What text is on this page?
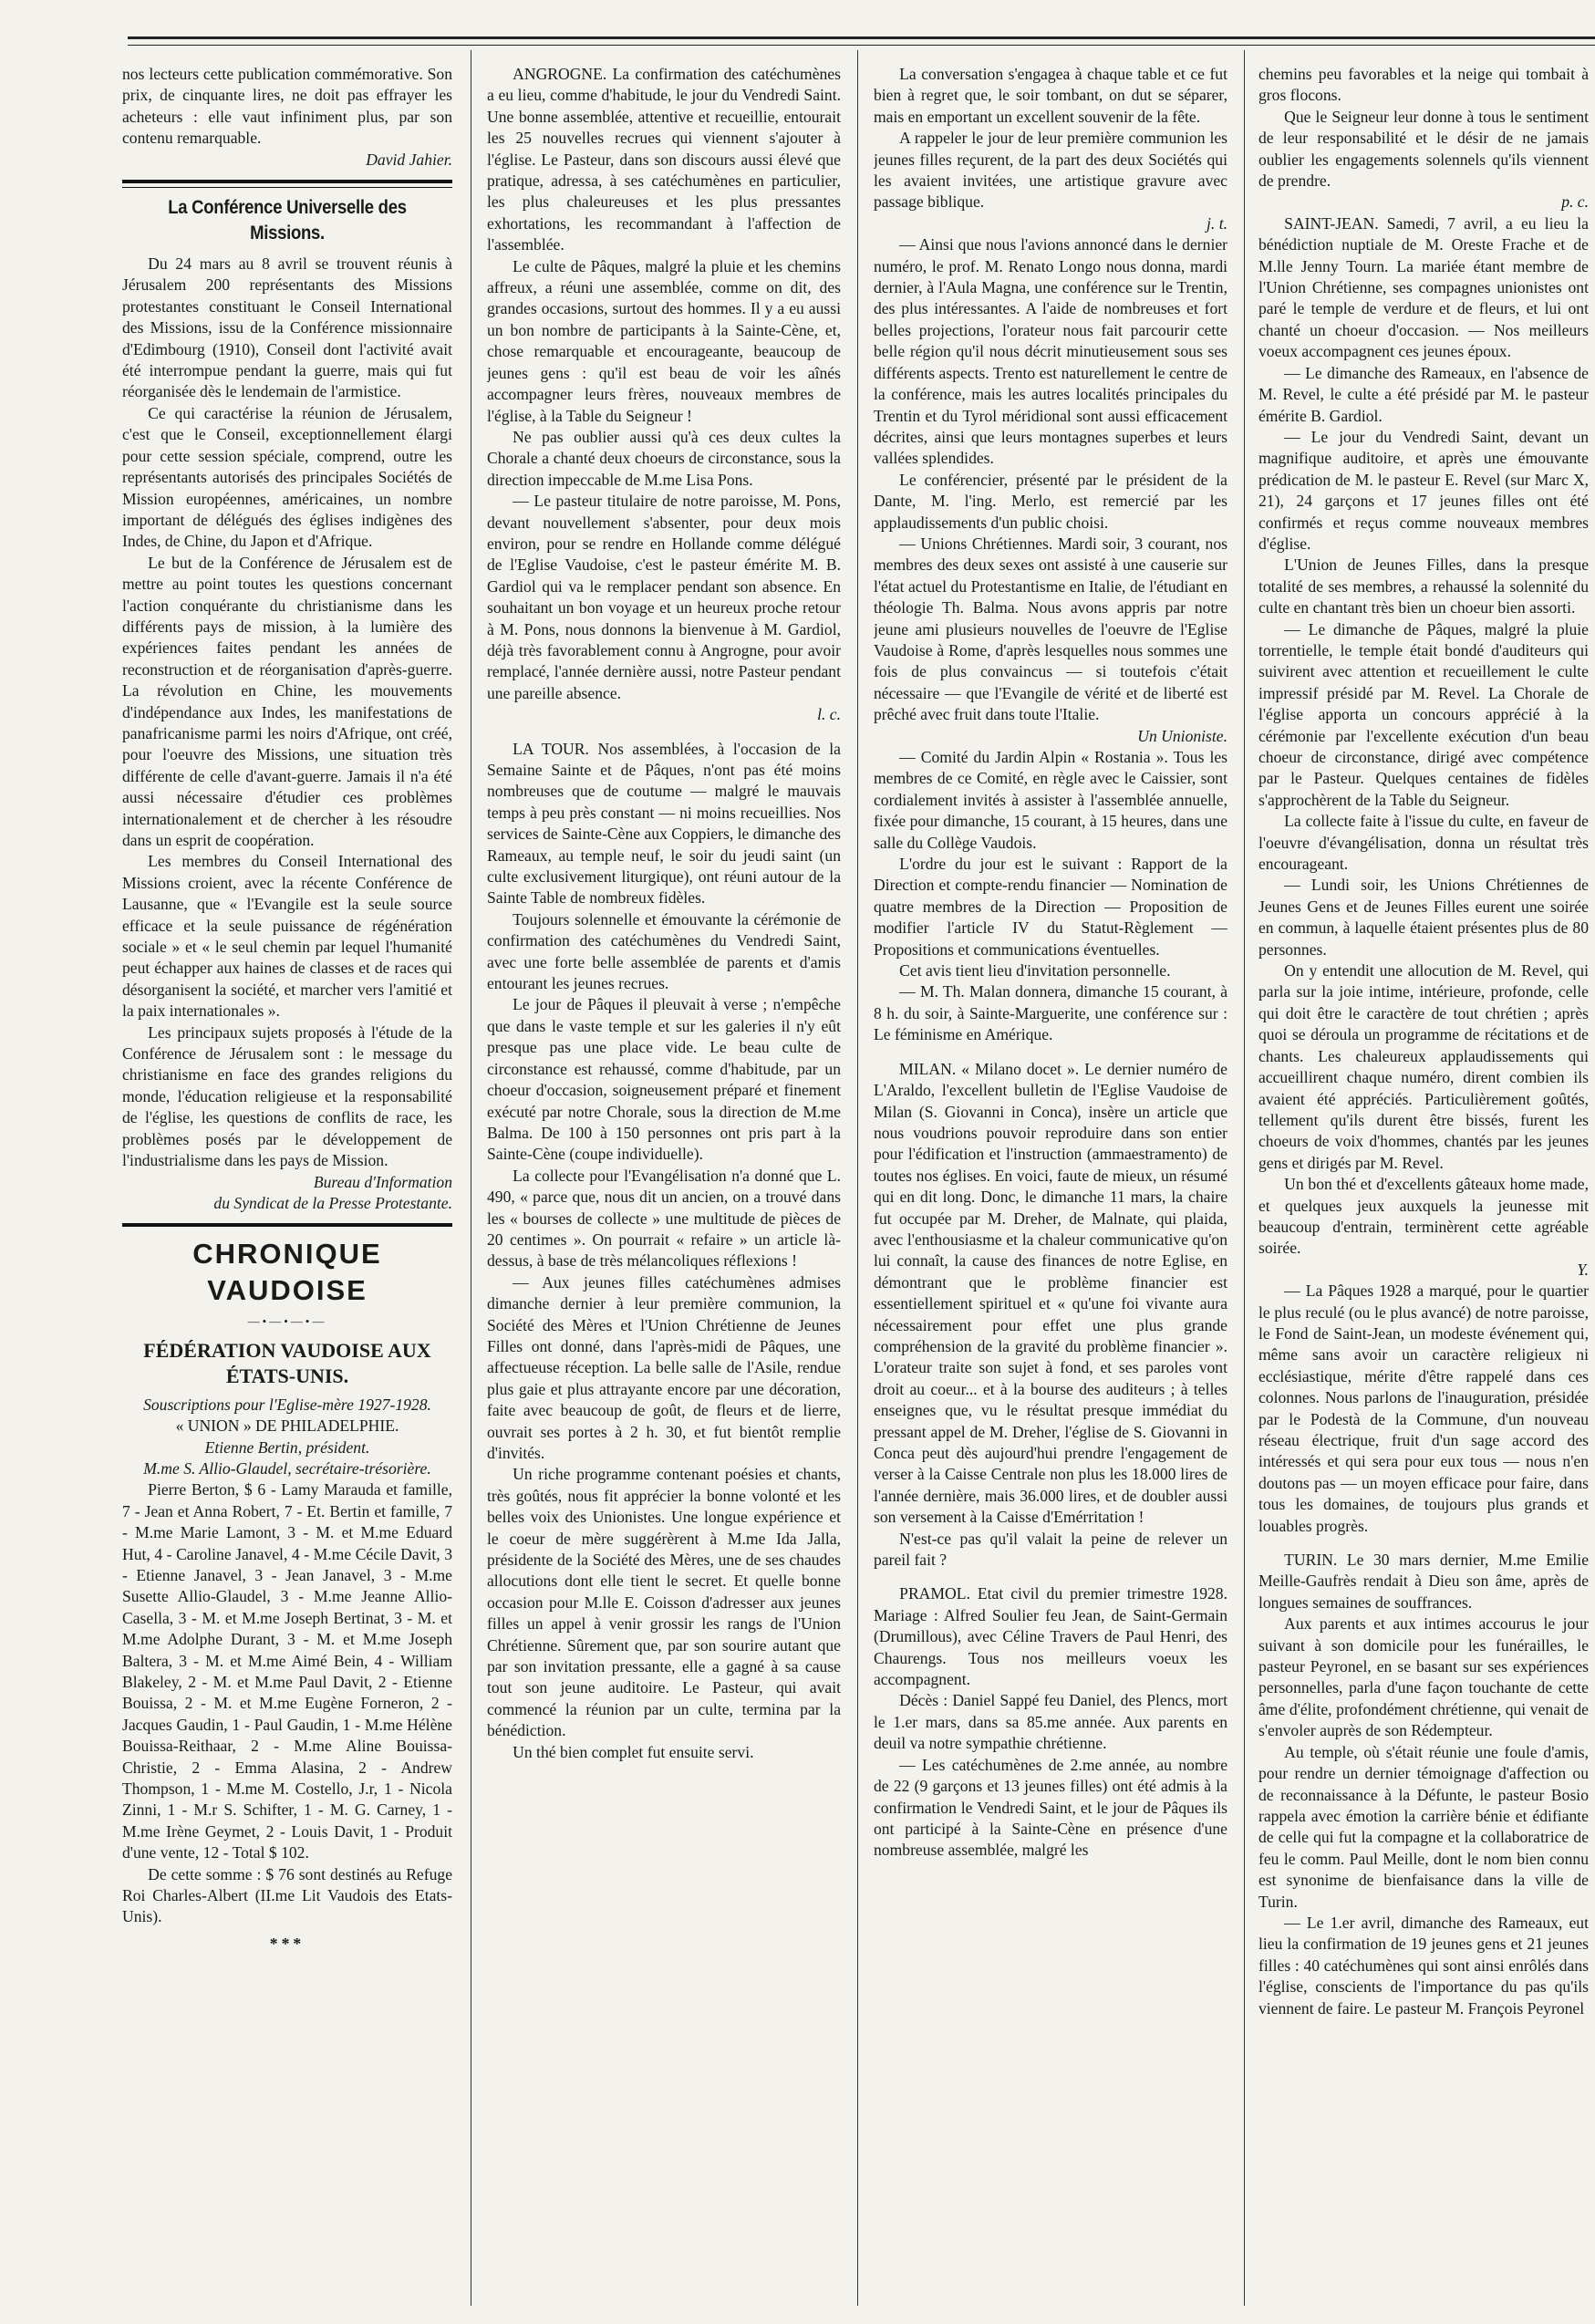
nos lecteurs cette publication commémorative. Son prix, de cinquante lires, ne doit pas effrayer les acheteurs : elle vaut infiniment plus, par son contenu remarquable.

David Jahier.

La Conférence Universelle des Missions.

Du 24 mars au 8 avril se trouvent réunis à Jérusalem 200 représentants des Missions protestantes constituant le Conseil International des Missions, issu de la Conférence missionnaire d'Edimbourg (1910), Conseil dont l'activité avait été interrompue pendant la guerre, mais qui fut réorganisée dès le lendemain de l'armistice.

Ce qui caractérise la réunion de Jérusalem, c'est que le Conseil, exceptionnellement élargi pour cette session spéciale, comprend, outre les représentants autorisés des principales Sociétés de Mission européennes, américaines, un nombre important de délégués des églises indigènes des Indes, de Chine, du Japon et d'Afrique.

Le but de la Conférence de Jérusalem est de mettre au point toutes les questions concernant l'action conquérante du christianisme dans les différents pays de mission, à la lumière des expériences faites pendant les années de reconstruction et de réorganisation d'après-guerre. La révolution en Chine, les mouvements d'indépendance aux Indes, les manifestations de panafricanisme parmi les noirs d'Afrique, ont créé, pour l'oeuvre des Missions, une situation très différente de celle d'avant-guerre. Jamais il n'a été aussi nécessaire d'étudier ces problèmes internationalement et de chercher à les résoudre dans un esprit de coopération.

Les membres du Conseil International des Missions croient, avec la récente Conférence de Lausanne, que « l'Evangile est la seule source efficace et la seule puissance de régénération sociale » et « le seul chemin par lequel l'humanité peut échapper aux haines de classes et de races qui désorganisent la société, et marcher vers l'amitié et la paix internationales ».

Les principaux sujets proposés à l'étude de la Conférence de Jérusalem sont : le message du christianisme en face des grandes religions du monde, l'éducation religieuse et la responsabilité de l'église, les questions de conflits de race, les problèmes posés par le développement de l'industrialisme dans les pays de Mission.

Bureau d'Information

du Syndicat de la Presse Protestante.

CHRONIQUE VAUDOISE
—•—•—•—
FÉDÉRATION VAUDOISE AUX ÉTATS-UNIS.

Souscriptions pour l'Eglise-mère 1927-1928.

« UNION » DE PHILADELPHIE.

Etienne Bertin, président.

M.me S. Allio-Glaudel, secrétaire-trésorière.

Pierre Berton, $ 6 - Lamy Marauda et famille, 7 - Jean et Anna Robert, 7 - Et. Bertin et famille, 7 - M.me Marie Lamont, 3 - M. et M.me Eduard Hut, 4 - Caroline Janavel, 4 - M.me Cécile Davit, 3 - Etienne Janavel, 3 - Jean Janavel, 3 - M.me Susette Allio-Glaudel, 3 - M.me Jeanne Allio-Casella, 3 - M. et M.me Joseph Bertinat, 3 - M. et M.me Adolphe Durant, 3 - M. et M.me Joseph Baltera, 3 - M. et M.me Aimé Bein, 4 - William Blakeley, 2 - M. et M.me Paul Davit, 2 - Etienne Bouissa, 2 - M. et M.me Eugène Forneron, 2 - Jacques Gaudin, 1 - Paul Gaudin, 1 - M.me Hélène Bouissa-Reithaar, 2 - M.me Aline Bouissa-Christie, 2 - Emma Alasina, 2 - Andrew Thompson, 1 - M.me M. Costello, J.r, 1 - Nicola Zinni, 1 - M.r S. Schifter, 1 - M. G. Carney, 1 - M.me Irène Geymet, 2 - Louis Davit, 1 - Produit d'une vente, 12 - Total $ 102.

De cette somme : $ 76 sont destinés au Refuge Roi Charles-Albert (II.me Lit Vaudois des Etats-Unis).

***

ANGROGNE. La confirmation des catéchumènes a eu lieu, comme d'habitude, le jour du Vendredi Saint. Une bonne assemblée, attentive et recueillie, entourait les 25 nouvelles recrues qui viennent s'ajouter à l'église. Le Pasteur, dans son discours aussi élevé que pratique, adressa, à ses catéchumènes en particulier, les plus chaleureuses et les plus pressantes exhortations, les recommandant à l'affection de l'assemblée.

Le culte de Pâques, malgré la pluie et les chemins affreux, a réuni une assemblée, comme on dit, des grandes occasions, surtout des hommes. Il y a eu aussi un bon nombre de participants à la Sainte-Cène, et, chose remarquable et encourageante, beaucoup de jeunes gens : qu'il est beau de voir les aînés accompagner leurs frères, nouveaux membres de l'église, à la Table du Seigneur !

Ne pas oublier aussi qu'à ces deux cultes la Chorale a chanté deux choeurs de circonstance, sous la direction impeccable de M.me Lisa Pons.

— Le pasteur titulaire de notre paroisse, M. Pons, devant nouvellement s'absenter, pour deux mois environ, pour se rendre en Hollande comme délégué de l'Eglise Vaudoise, c'est le pasteur émérite M. B. Gardiol qui va le remplacer pendant son absence. En souhaitant un bon voyage et un heureux proche retour à M. Pons, nous donnons la bienvenue à M. Gardiol, déjà très favorablement connu à Angrogne, pour avoir remplacé, l'année dernière aussi, notre Pasteur pendant une pareille absence.

l. c.

LA TOUR. Nos assemblées, à l'occasion de la Semaine Sainte et de Pâques, n'ont pas été moins nombreuses que de coutume — malgré le mauvais temps à peu près constant — ni moins recueillies. Nos services de Sainte-Cène aux Coppiers, le dimanche des Rameaux, au temple neuf, le soir du jeudi saint (un culte exclusivement liturgique), ont réuni autour de la Sainte Table de nombreux fidèles.

Toujours solennelle et émouvante la cérémonie de confirmation des catéchumènes du Vendredi Saint, avec une forte belle assemblée de parents et d'amis entourant les jeunes recrues.

Le jour de Pâques il pleuvait à verse ; n'empêche que dans le vaste temple et sur les galeries il n'y eût presque pas une place vide. Le beau culte de circonstance est rehaussé, comme d'habitude, par un choeur d'occasion, soigneusement préparé et finement exécuté par notre Chorale, sous la direction de M.me Balma. De 100 à 150 personnes ont pris part à la Sainte-Cène (coupe individuelle).

La collecte pour l'Evangélisation n'a donné que L. 490, « parce que, nous dit un ancien, on a trouvé dans les « bourses de collecte » une multitude de pièces de 20 centimes ». On pourrait « refaire » un article là-dessus, à base de très mélancoliques réflexions !

— Aux jeunes filles catéchumènes admises dimanche dernier à leur première communion, la Société des Mères et l'Union Chrétienne de Jeunes Filles ont donné, dans l'après-midi de Pâques, une affectueuse réception. La belle salle de l'Asile, rendue plus gaie et plus attrayante encore par une décoration, faite avec beaucoup de goût, de fleurs et de lierre, ouvrait ses portes à 2 h. 30, et fut bientôt remplie d'invités.

Un riche programme contenant poésies et chants, très goûtés, nous fit apprécier la bonne volonté et les belles voix des Unionistes. Une longue expérience et le coeur de mère suggérèrent à M.me Ida Jalla, présidente de la Société des Mères, une de ses chaudes allocutions dont elle tient le secret. Et quelle bonne occasion pour M.lle E. Coisson d'adresser aux jeunes filles un appel à venir grossir les rangs de l'Union Chrétienne. Sûrement que, par son sourire autant que par son invitation pressante, elle a gagné à sa cause tout son jeune auditoire. Le Pasteur, qui avait commencé la réunion par un culte, termina par la bénédiction.

Un thé bien complet fut ensuite servi.

La conversation s'engagea à chaque table et ce fut bien à regret que, le soir tombant, on dut se séparer, mais en emportant un excellent souvenir de la fête.

A rappeler le jour de leur première communion les jeunes filles reçurent, de la part des deux Sociétés qui les avaient invitées, une artistique gravure avec passage biblique.

j. t.

— Ainsi que nous l'avions annoncé dans le dernier numéro, le prof. M. Renato Longo nous donna, mardi dernier, à l'Aula Magna, une conférence sur le Trentin, des plus intéressantes. A l'aide de nombreuses et fort belles projections, l'orateur nous fait parcourir cette belle région qu'il nous décrit minutieusement sous ses différents aspects. Trento est naturellement le centre de la conférence, mais les autres localités principales du Trentin et du Tyrol méridional sont aussi efficacement décrites, ainsi que leurs montagnes superbes et leurs vallées splendides.

Le conférencier, présenté par le président de la Dante, M. l'ing. Merlo, est remercié par les applaudissements d'un public choisi.

— Unions Chrétiennes. Mardi soir, 3 courant, nos membres des deux sexes ont assisté à une causerie sur l'état actuel du Protestantisme en Italie, de l'étudiant en théologie Th. Balma. Nous avons appris par notre jeune ami plusieurs nouvelles de l'oeuvre de l'Eglise Vaudoise à Rome, d'après lesquelles nous sommes une fois de plus convaincus — si toutefois c'était nécessaire — que l'Evangile de vérité et de liberté est prêché avec fruit dans toute l'Italie.

Un Unioniste.

— Comité du Jardin Alpin « Rostania ». Tous les membres de ce Comité, en règle avec le Caissier, sont cordialement invités à assister à l'assemblée annuelle, fixée pour dimanche, 15 courant, à 15 heures, dans une salle du Collège Vaudois.

L'ordre du jour est le suivant : Rapport de la Direction et compte-rendu financier — Nomination de quatre membres de la Direction — Proposition de modifier l'article IV du Statut-Règlement — Propositions et communications éventuelles.

Cet avis tient lieu d'invitation personnelle.

— M. Th. Malan donnera, dimanche 15 courant, à 8 h. du soir, à Sainte-Marguerite, une conférence sur : Le féminisme en Amérique.

MILAN. « Milano docet ». Le dernier numéro de L'Araldo, l'excellent bulletin de l'Eglise Vaudoise de Milan (S. Giovanni in Conca), insère un article que nous voudrions pouvoir reproduire dans son entier pour l'édification et l'instruction (ammaestramento) de toutes nos églises. En voici, faute de mieux, un résumé qui en dit long. Donc, le dimanche 11 mars, la chaire fut occupée par M. Dreher, de Malnate, qui plaida, avec l'enthousiasme et la chaleur communicative qu'on lui connaît, la cause des finances de notre Eglise, en démontrant que le problème financier est essentiellement spirituel et « qu'une foi vivante aura nécessairement pour effet une plus grande compréhension de la gravité du problème financier ». L'orateur traite son sujet à fond, et ses paroles vont droit au coeur... et à la bourse des auditeurs ; à telles enseignes que, vu le résultat presque immédiat du pressant appel de M. Dreher, l'église de S. Giovanni in Conca peut dès aujourd'hui prendre l'engagement de verser à la Caisse Centrale non plus les 18.000 lires de l'année dernière, mais 36.000 lires, et de doubler aussi son versement à la Caisse d'Emérritation !

N'est-ce pas qu'il valait la peine de relever un pareil fait ?

PRAMOL. Etat civil du premier trimestre 1928. Mariage : Alfred Soulier feu Jean, de Saint-Germain (Drumillous), avec Céline Travers de Paul Henri, des Chaurengs. Tous nos meilleurs voeux les accompagnent.

Décès : Daniel Sappé feu Daniel, des Plencs, mort le 1.er mars, dans sa 85.me année. Aux parents en deuil va notre sympathie chrétienne.

— Les catéchumènes de 2.me année, au nombre de 22 (9 garçons et 13 jeunes filles) ont été admis à la confirmation le Vendredi Saint, et le jour de Pâques ils ont participé à la Sainte-Cène en présence d'une nombreuse assemblée, malgré les

chemins peu favorables et la neige qui tombait à gros flocons.

Que le Seigneur leur donne à tous le sentiment de leur responsabilité et le désir de ne jamais oublier les engagements solennels qu'ils viennent de prendre.

p. c.

SAINT-JEAN. Samedi, 7 avril, a eu lieu la bénédiction nuptiale de M. Oreste Frache et de M.lle Jenny Tourn. La mariée étant membre de l'Union Chrétienne, ses compagnes unionistes ont paré le temple de verdure et de fleurs, et lui ont chanté un choeur d'occasion. — Nos meilleurs voeux accompagnent ces jeunes époux.

— Le dimanche des Rameaux, en l'absence de M. Revel, le culte a été présidé par M. le pasteur émérite B. Gardiol.

— Le jour du Vendredi Saint, devant un magnifique auditoire, et après une émouvante prédication de M. le pasteur E. Revel (sur Marc X, 21), 24 garçons et 17 jeunes filles ont été confirmés et reçus comme nouveaux membres d'église.

L'Union de Jeunes Filles, dans la presque totalité de ses membres, a rehaussé la solennité du culte en chantant très bien un choeur bien assorti.

— Le dimanche de Pâques, malgré la pluie torrentielle, le temple était bondé d'auditeurs qui suivirent avec attention et recueillement le culte impressif présidé par M. Revel. La Chorale de l'église apporta un concours apprécié à la cérémonie par l'excellente exécution d'un beau choeur de circonstance, dirigé avec compétence par le Pasteur. Quelques centaines de fidèles s'approchèrent de la Table du Seigneur.

La collecte faite à l'issue du culte, en faveur de l'oeuvre d'évangélisation, donna un résultat très encourageant.

— Lundi soir, les Unions Chrétiennes de Jeunes Gens et de Jeunes Filles eurent une soirée en commun, à laquelle étaient présentes plus de 80 personnes.

On y entendit une allocution de M. Revel, qui parla sur la joie intime, intérieure, profonde, celle qui doit être le caractère de tout chrétien ; après quoi se déroula un programme de récitations et de chants. Les chaleureux applaudissements qui accueillirent chaque numéro, dirent combien ils avaient été appréciés. Particulièrement goûtés, tellement qu'ils durent être bissés, furent les choeurs de voix d'hommes, chantés par les jeunes gens et dirigés par M. Revel.

Un bon thé et d'excellents gâteaux home made, et quelques jeux auxquels la jeunesse mit beaucoup d'entrain, terminèrent cette agréable soirée.

Y.

— La Pâques 1928 a marqué, pour le quartier le plus reculé (ou le plus avancé) de notre paroisse, le Fond de Saint-Jean, un modeste événement qui, même sans avoir un caractère religieux ni ecclésiastique, mérite d'être rappelé dans ces colonnes. Nous parlons de l'inauguration, présidée par le Podestà de la Commune, d'un nouveau réseau électrique, fruit d'un sage accord des intéressés et qui sera pour eux tous — nous n'en doutons pas — un moyen efficace pour faire, dans tous les domaines, de toujours plus grands et louables progrès.

TURIN. Le 30 mars dernier, M.me Emilie Meille-Gaufrès rendait à Dieu son âme, après de longues semaines de souffrances.

Aux parents et aux intimes accourus le jour suivant à son domicile pour les funérailles, le pasteur Peyronel, en se basant sur ses expériences personnelles, parla d'une façon touchante de cette âme d'élite, profondément chrétienne, qui venait de s'envoler auprès de son Rédempteur.

Au temple, où s'était réunie une foule d'amis, pour rendre un dernier témoignage d'affection ou de reconnaissance à la Défunte, le pasteur Bosio rappela avec émotion la carrière bénie et édifiante de celle qui fut la compagne et la collaboratrice de feu le comm. Paul Meille, dont le nom bien connu est synonime de bienfaisance dans la ville de Turin.

— Le 1.er avril, dimanche des Rameaux, eut lieu la confirmation de 19 jeunes gens et 21 jeunes filles : 40 catéchumènes qui sont ainsi enrôlés dans l'église, conscients de l'importance du pas qu'ils viennent de faire. Le pasteur M. François Peyronel
